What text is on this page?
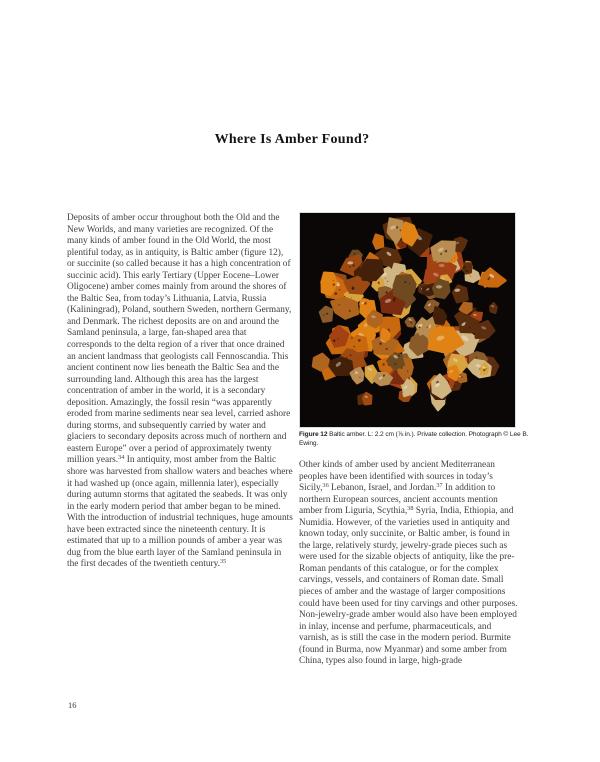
Where Is Amber Found?
Deposits of amber occur throughout both the Old and the New Worlds, and many varieties are recognized. Of the many kinds of amber found in the Old World, the most plentiful today, as in antiquity, is Baltic amber (figure 12), or succinite (so called because it has a high concentration of succinic acid). This early Tertiary (Upper Eocene–Lower Oligocene) amber comes mainly from around the shores of the Baltic Sea, from today’s Lithuania, Latvia, Russia (Kaliningrad), Poland, southern Sweden, northern Germany, and Denmark. The richest deposits are on and around the Samland peninsula, a large, fan-shaped area that corresponds to the delta region of a river that once drained an ancient landmass that geologists call Fennoscandia. This ancient continent now lies beneath the Baltic Sea and the surrounding land. Although this area has the largest concentration of amber in the world, it is a secondary deposition. Amazingly, the fossil resin “was apparently eroded from marine sediments near sea level, carried ashore during storms, and subsequently carried by water and glaciers to secondary deposits across much of northern and eastern Europe” over a period of approximately twenty million years.$^{34}$ In antiquity, most amber from the Baltic shore was harvested from shallow waters and beaches where it had washed up (once again, millennia later), especially during autumn storms that agitated the seabeds. It was only in the early modern period that amber began to be mined. With the introduction of industrial techniques, huge amounts have been extracted since the nineteenth century. It is estimated that up to a million pounds of amber a year was dug from the blue earth layer of the Samland peninsula in the first decades of the twentieth century.$^{35}$
Figure 12 Baltic amber. L: 2.2 cm (⅞ in.). Private collection. Photograph © Lee B. Ewing.
Other kinds of amber used by ancient Mediterranean peoples have been identified with sources in today’s Sicily,$^{36}$ Lebanon, Israel, and Jordan.$^{37}$ In addition to northern European sources, ancient accounts mention amber from Liguria, Scythia,$^{38}$ Syria, India, Ethiopia, and Numidia. However, of the varieties used in antiquity and known today, only succinite, or Baltic amber, is found in the large, relatively sturdy, jewelry-grade pieces such as were used for the sizable objects of antiquity, like the pre-Roman pendants of this catalogue, or for the complex carvings, vessels, and containers of Roman date. Small pieces of amber and the wastage of larger compositions could have been used for tiny carvings and other purposes. Non-jewelry-grade amber would also have been employed in inlay, incense and perfume, pharmaceuticals, and varnish, as is still the case in the modern period. Burmite (found in Burma, now Myanmar) and some amber from China, types also found in large, high-grade
16
